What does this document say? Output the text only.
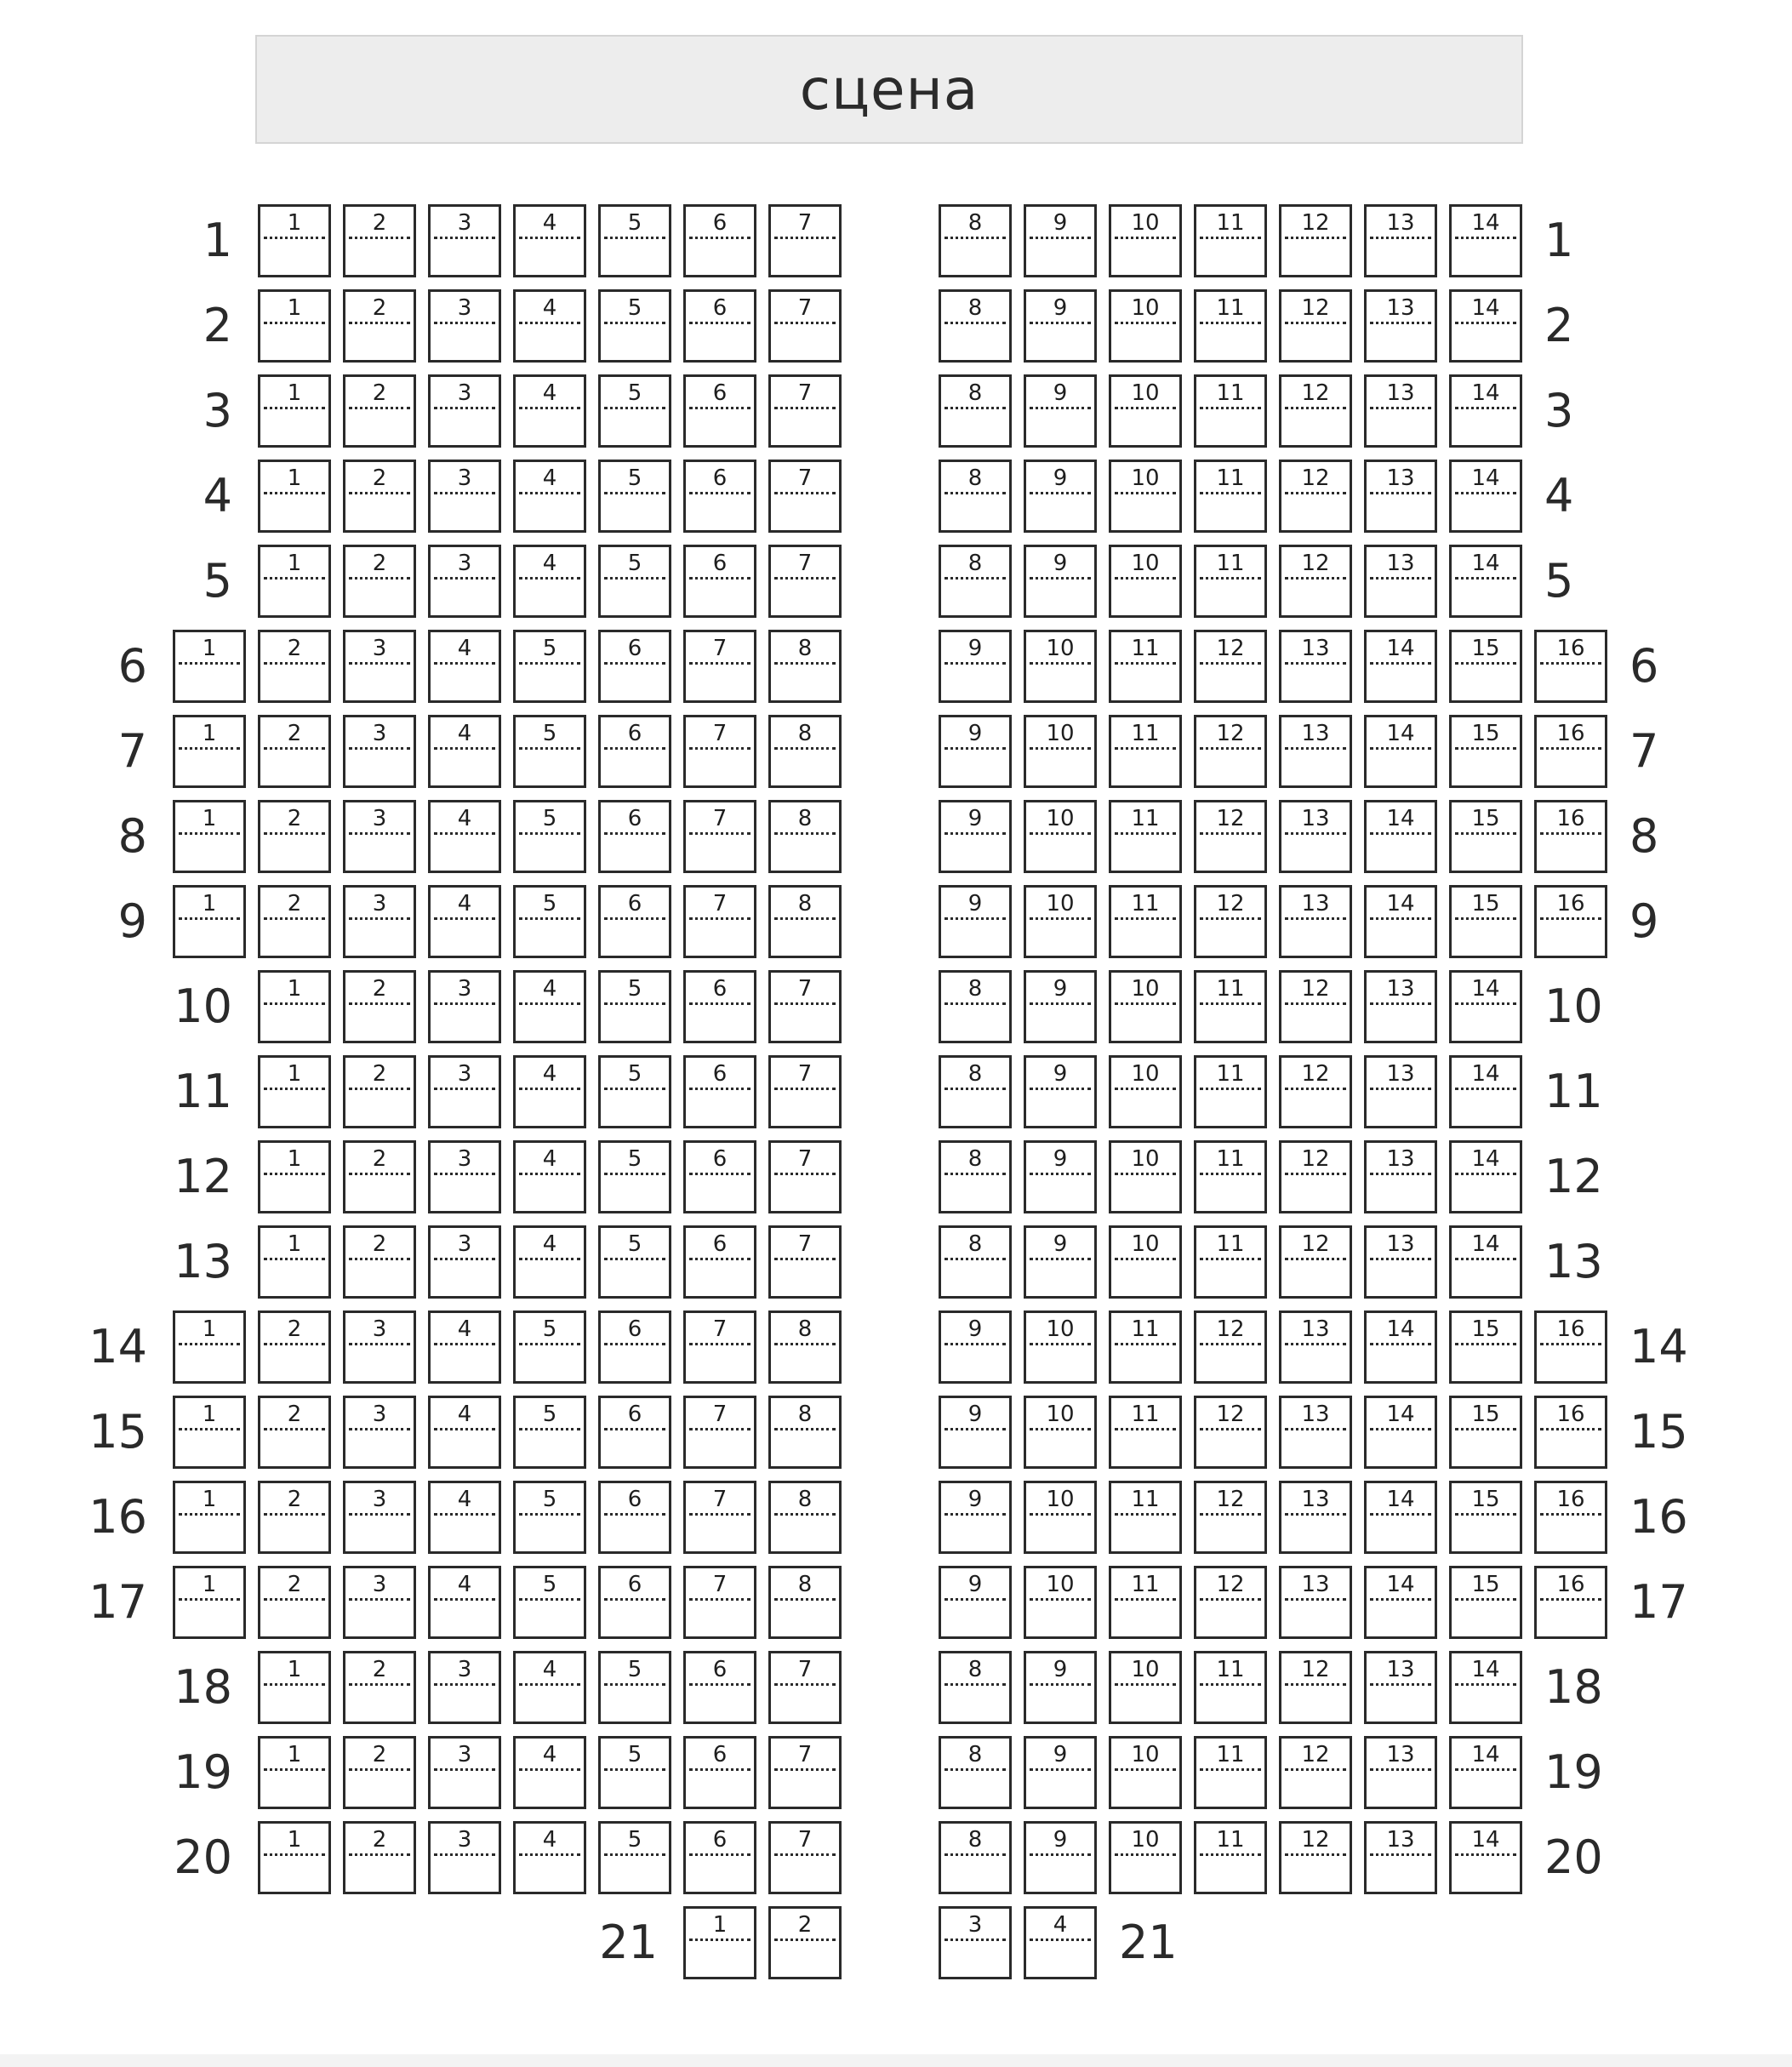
сцена
1	2	3	4	5	6	7	8	9	10	11	12	13	14
1	1
1	2	3	4	5	6	7	8	9	10	11	12	13	14
2	2
1	2	3	4	5	6	7	8	9	10	11	12	13	14
3	3
1	2	3	4	5	6	7	8	9	10	11	12	13	14
4	4
1	2	3	4	5	6	7	8	9	10	11	12	13	14
5	5
1	2	3	4	5	6	7	8	9	10	11	12	13	14	15	16
6	6
1	2	3	4	5	6	7	8	9	10	11	12	13	14	15	16
7	7
1	2	3	4	5	6	7	8	9	10	11	12	13	14	15	16
8	8
1	2	3	4	5	6	7	8	9	10	11	12	13	14	15	16
9	9
1	2	3	4	5	6	7	8	9	10	11	12	13	14
10	10
1	2	3	4	5	6	7	8	9	10	11	12	13	14
11	11
1	2	3	4	5	6	7	8	9	10	11	12	13	14
12	12
1	2	3	4	5	6	7	8	9	10	11	12	13	14
13	13
1	2	3	4	5	6	7	8	9	10	11	12	13	14	15	16
14	14
1	2	3	4	5	6	7	8	9	10	11	12	13	14	15	16
15	15
1	2	3	4	5	6	7	8	9	10	11	12	13	14	15	16
16	16
1	2	3	4	5	6	7	8	9	10	11	12	13	14	15	16
17	17
1	2	3	4	5	6	7	8	9	10	11	12	13	14
18	18
1	2	3	4	5	6	7	8	9	10	11	12	13	14
19	19
1	2	3	4	5	6	7	8	9	10	11	12	13	14
20	20
1	2	3	4
21	21
